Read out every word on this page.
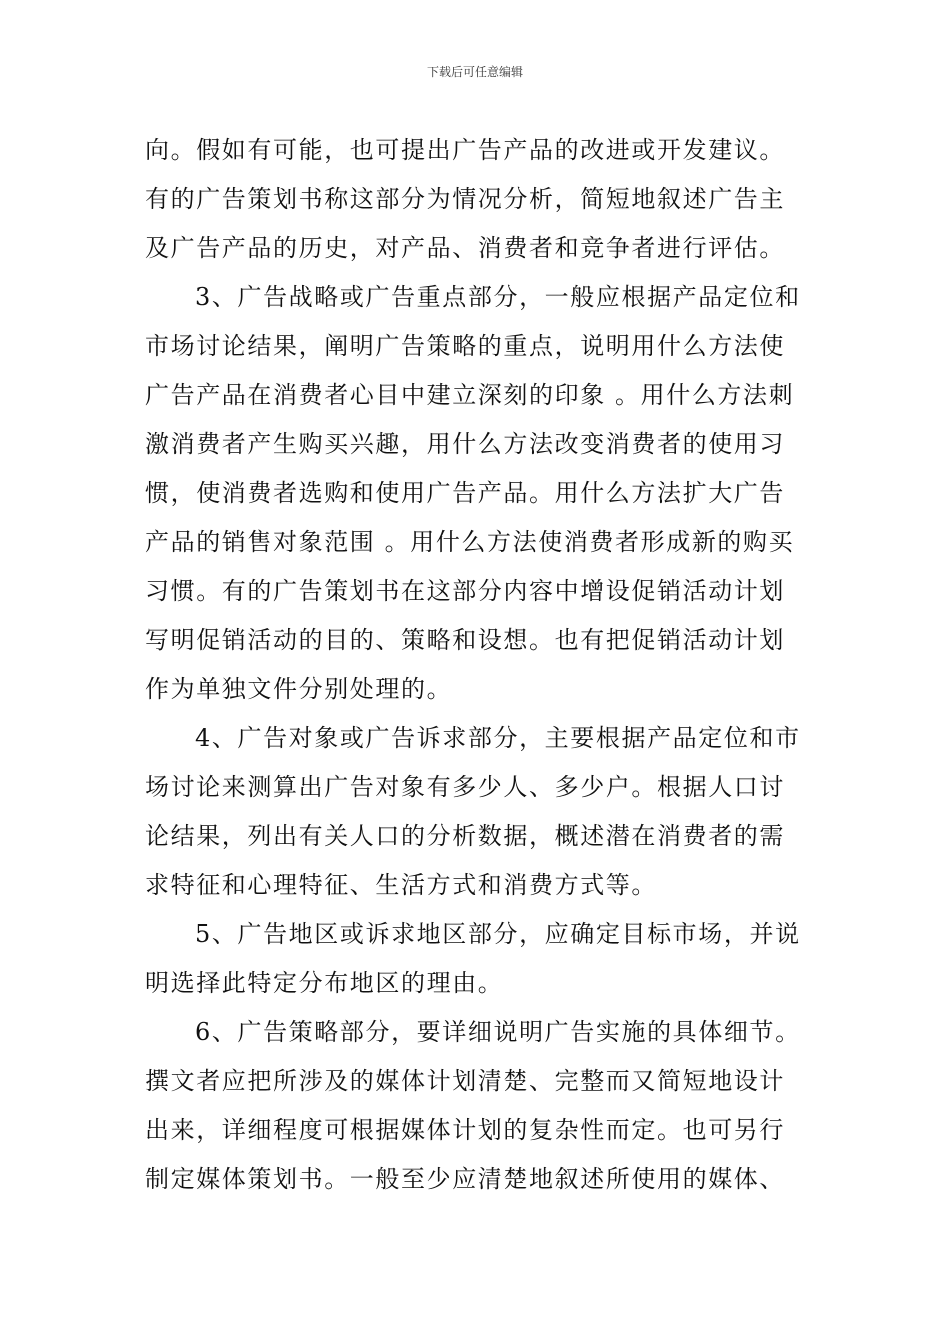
下载后可任意编辑
向。假如有可能，也可提出广告产品的改进或开发建议。
有的广告策划书称这部分为情况分析，简短地叙述广告主
及广告产品的历史，对产品、消费者和竞争者进行评估。
3、广告战略或广告重点部分，一般应根据产品定位和
市场讨论结果，阐明广告策略的重点，说明用什么方法使
广告产品在消费者心目中建立深刻的印象 。用什么方法刺
激消费者产生购买兴趣，用什么方法改变消费者的使用习
惯，使消费者选购和使用广告产品。用什么方法扩大广告
产品的销售对象范围 。用什么方法使消费者形成新的购买
习惯。有的广告策划书在这部分内容中增设促销活动计划
写明促销活动的目的、策略和设想。也有把促销活动计划
作为单独文件分别处理的。
4、广告对象或广告诉求部分，主要根据产品定位和市
场讨论来测算出广告对象有多少人、多少户。根据人口讨
论结果，列出有关人口的分析数据，概述潜在消费者的需
求特征和心理特征、生活方式和消费方式等。
5、广告地区或诉求地区部分，应确定目标市场，并说
明选择此特定分布地区的理由。
6、广告策略部分，要详细说明广告实施的具体细节。
撰文者应把所涉及的媒体计划清楚、完整而又简短地设计
出来，详细程度可根据媒体计划的复杂性而定。也可另行
制定媒体策划书。一般至少应清楚地叙述所使用的媒体、
